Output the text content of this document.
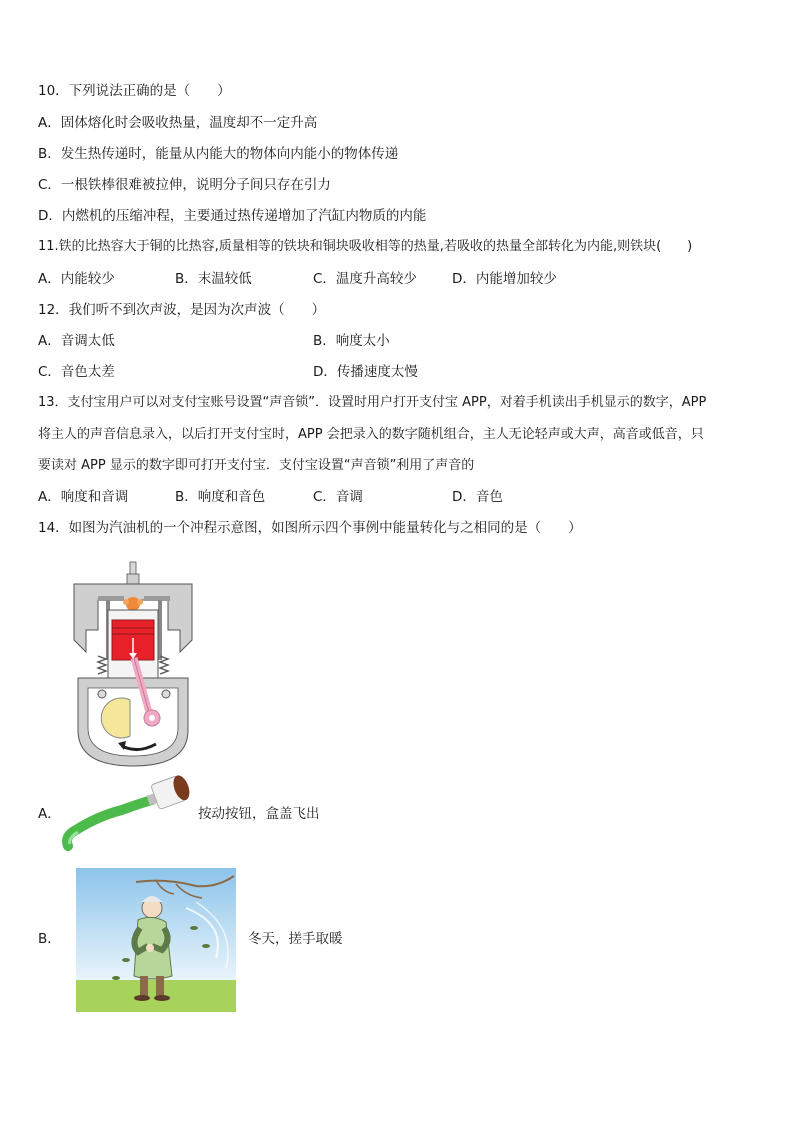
10．下列说法正确的是（　　）
A．固体熔化时会吸收热量，温度却不一定升高
B．发生热传递时，能量从内能大的物体向内能小的物体传递
C．一根铁棒很难被拉伸，说明分子间只存在引力
D．内燃机的压缩冲程，主要通过热传递增加了汽缸内物质的内能
11.铁的比热容大于铜的比热容,质量相等的铁块和铜块吸收相等的热量,若吸收的热量全部转化为内能,则铁块(　　)
A．内能较少	B．末温较低	C．温度升高较少	D．内能增加较少
12．我们听不到次声波，是因为次声波（　　）
A．音调太低	B．响度太小
C．音色太差	D．传播速度太慢
13．支付宝用户可以对支付宝账号设置“声音锁”．设置时用户打开支付宝 APP，对着手机读出手机显示的数字，APP
将主人的声音信息录入，以后打开支付宝时，APP 会把录入的数字随机组合，主人无论轻声或大声，高音或低音，只
要读对 APP 显示的数字即可打开支付宝．支付宝设置“声音锁”利用了声音的
A．响度和音调	B．响度和音色	C．音调	D．音色
14．如图为汽油机的一个冲程示意图，如图所示四个事例中能量转化与之相同的是（　　）
A．	按动按钮，盒盖飞出
B．	冬天，搓手取暖
